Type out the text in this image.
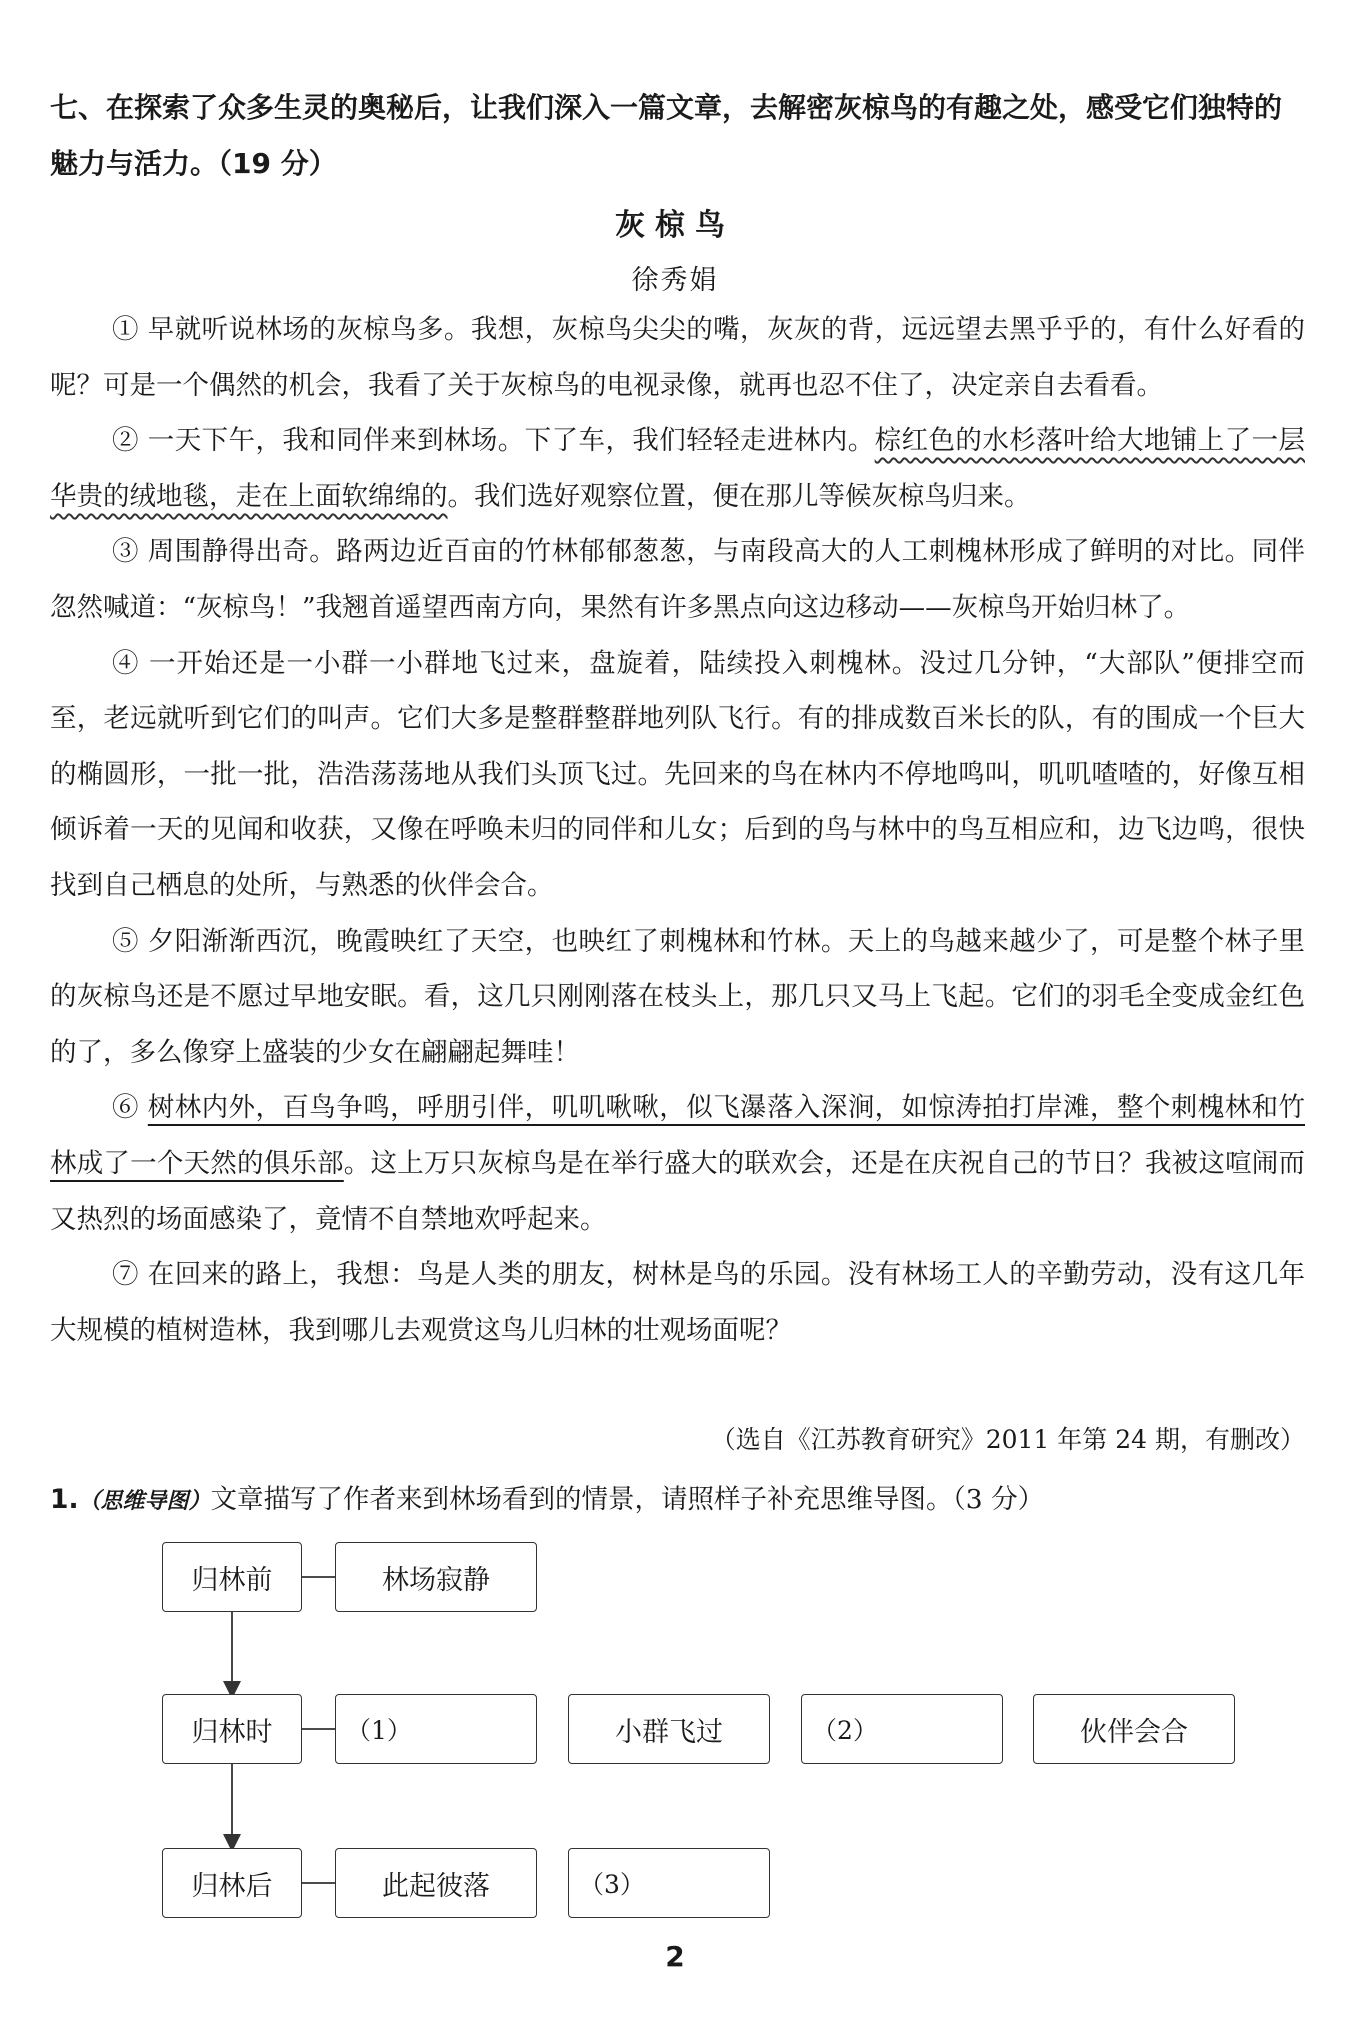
七、在探索了众多生灵的奥秘后，让我们深入一篇文章，去解密灰椋鸟的有趣之处，感受它们独特的魅力与活力。（19 分）
灰椋鸟
徐秀娟

① 早就听说林场的灰椋鸟多。我想，灰椋鸟尖尖的嘴，灰灰的背，远远望去黑乎乎的，有什么好看的呢？可是一个偶然的机会，我看了关于灰椋鸟的电视录像，就再也忍不住了，决定亲自去看看。

② 一天下午，我和同伴来到林场。下了车，我们轻轻走进林内。棕红色的水杉落叶给大地铺上了一层华贵的绒地毯，走在上面软绵绵的。我们选好观察位置，便在那儿等候灰椋鸟归来。

③ 周围静得出奇。路两边近百亩的竹林郁郁葱葱，与南段高大的人工刺槐林形成了鲜明的对比。同伴忽然喊道：“灰椋鸟！”我翘首遥望西南方向，果然有许多黑点向这边移动——灰椋鸟开始归林了。

④ 一开始还是一小群一小群地飞过来，盘旋着，陆续投入刺槐林。没过几分钟，“大部队”便排空而至，老远就听到它们的叫声。它们大多是整群整群地列队飞行。有的排成数百米长的队，有的围成一个巨大的椭圆形，一批一批，浩浩荡荡地从我们头顶飞过。先回来的鸟在林内不停地鸣叫，叽叽喳喳的，好像互相倾诉着一天的见闻和收获，又像在呼唤未归的同伴和儿女；后到的鸟与林中的鸟互相应和，边飞边鸣，很快找到自己栖息的处所，与熟悉的伙伴会合。

⑤ 夕阳渐渐西沉，晚霞映红了天空，也映红了刺槐林和竹林。天上的鸟越来越少了，可是整个林子里的灰椋鸟还是不愿过早地安眠。看，这几只刚刚落在枝头上，那几只又马上飞起。它们的羽毛全变成金红色的了，多么像穿上盛装的少女在翩翩起舞哇！

⑥ 树林内外，百鸟争鸣，呼朋引伴，叽叽啾啾，似飞瀑落入深涧，如惊涛拍打岸滩，整个刺槐林和竹林成了一个天然的俱乐部。这上万只灰椋鸟是在举行盛大的联欢会，还是在庆祝自己的节日？我被这喧闹而又热烈的场面感染了，竟情不自禁地欢呼起来。

⑦ 在回来的路上，我想：鸟是人类的朋友，树林是鸟的乐园。没有林场工人的辛勤劳动，没有这几年大规模的植树造林，我到哪儿去观赏这鸟儿归林的壮观场面呢？

（选自《江苏教育研究》2011 年第 24 期，有删改）
1.（思维导图）文章描写了作者来到林场看到的情景，请照样子补充思维导图。（3 分）
归林前	林场寂静
归林时	（1）	小群飞过	（2）	伙伴会合
归林后	此起彼落	（3）
2
